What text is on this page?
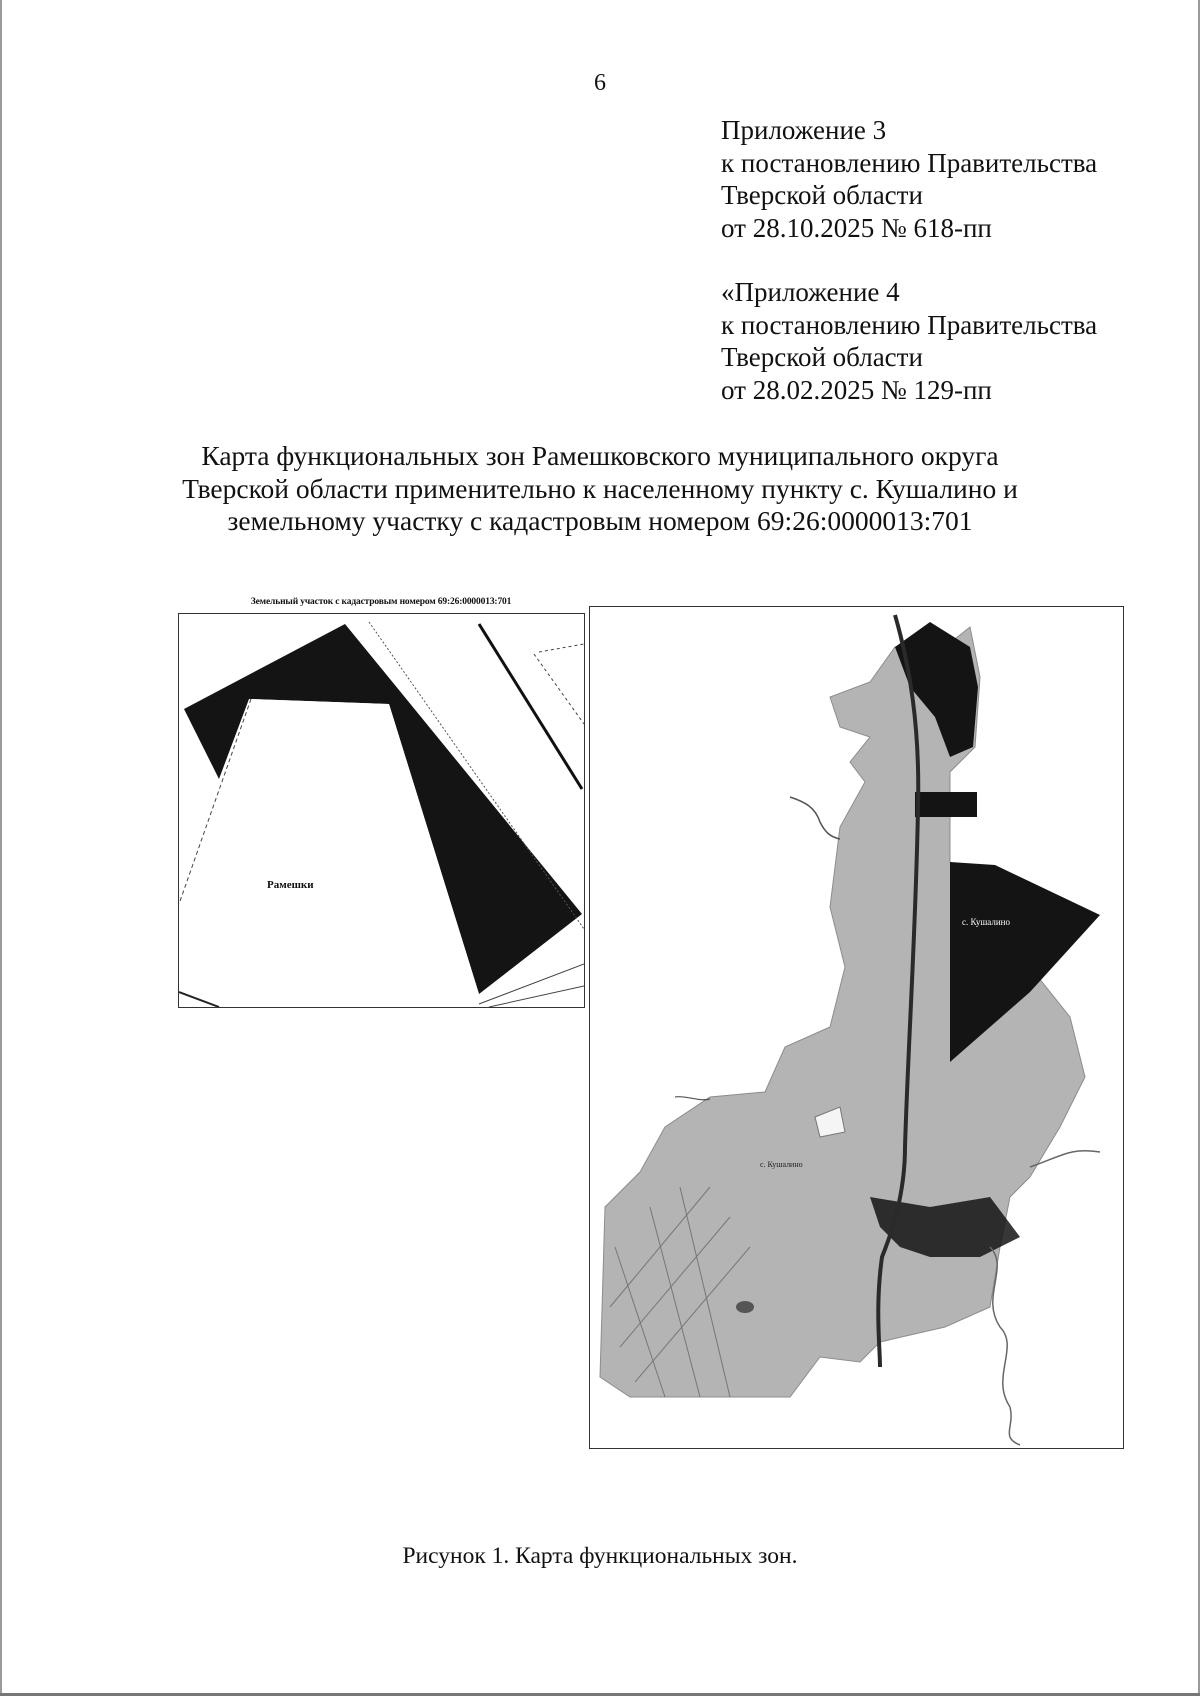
6
Приложение 3
к постановлению Правительства
Тверской области
от 28.10.2025 № 618-пп
«Приложение 4
к постановлению Правительства
Тверской области
от 28.02.2025 № 129-пп
Карта функциональных зон Рамешковского муниципального округа
Тверской области применительно к населенному пункту с. Кушалино и
земельному участку с кадастровым номером 69:26:0000013:701
Земельный участок с кадастровым номером 69:26:0000013:701
Рамешки
с. Кушалино
с. Кушалино
Рисунок 1. Карта функциональных зон.
